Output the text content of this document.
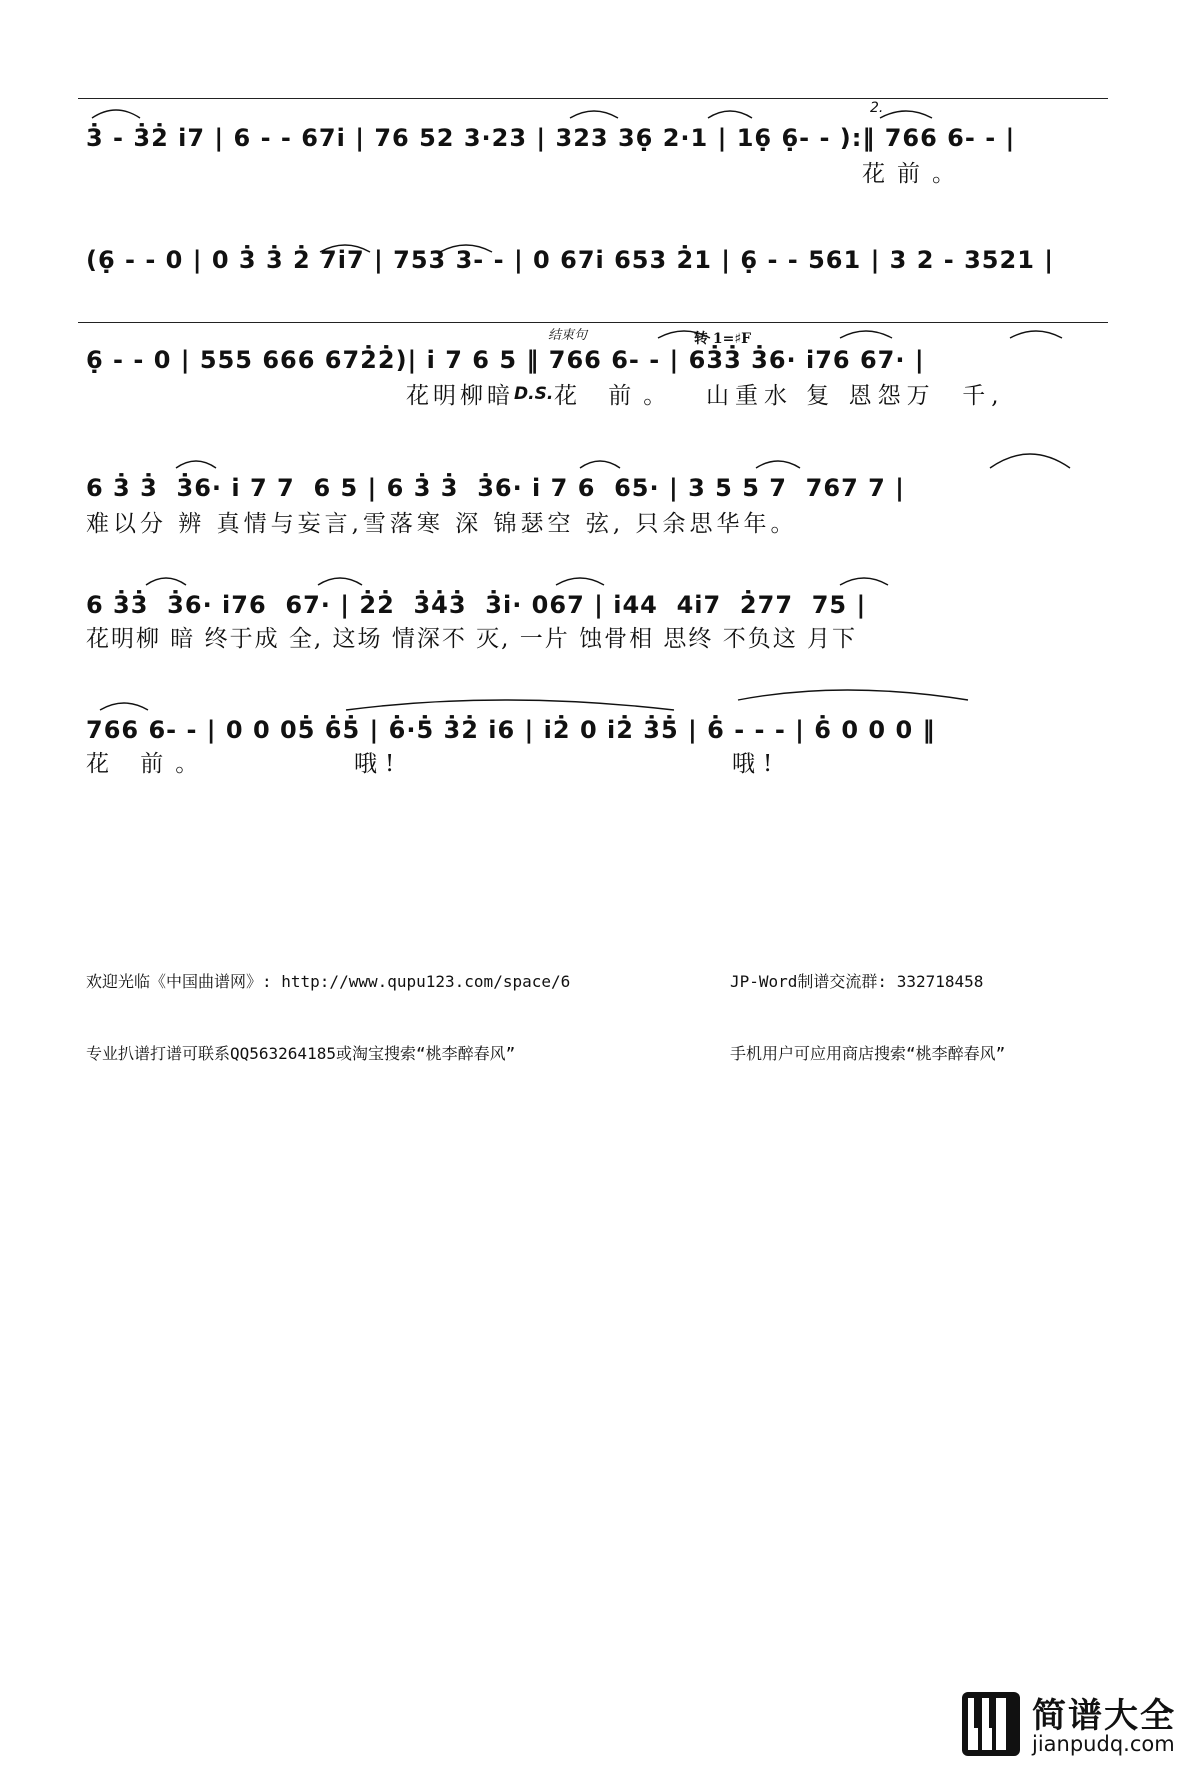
3̇ - 3̇2̇ i̇7 | 6 - - 67i̇ | 76 52 3·23 | 323 36̣ 2·1 | 16̣ 6̣- - ):‖ 766 6- - |
2.
花前。
(6̣ - - 0 | 0 3̇ 3̇ 2̇ 7i̇7 | 753 3- - | 0 67i̇ 653 2̇1 | 6̣ - - 561 | 3 2 - 3521 |
结束句	转 1=♯F
6̣ - - 0 | 555 666 672̇2̇)| i̇ 7 6 5 ‖ 766 6- - | 63̇3̇ 3̇6· i̇76 67· |
花明柳暗 D.S. 花 前。 山重水 复 恩怨万  千,
6 3̇ 3̇  3̇6· i̇ 7 7  6 5 | 6 3̇ 3̇  3̇6· i̇ 7 6  65· | 3 5 5 7  767 7 |
难以分 辨 真情与妄言,雪落寒 深 锦瑟空 弦, 只余思华年。
6 3̇3̇  3̇6· i̇76  67· | 2̇2̇  3̇4̇3̇  3̇i̇· 067 | i̇44  4i̇7  2̇77  75 |
花明柳 暗 终于成 全, 这场 情深不 灭, 一片 蚀骨相 思终 不负这 月下
766 6- - | 0 0 05̇ 6̇5̇ | 6̇·5̇ 3̇2̇ i̇6 | i̇2̇ 0 i̇2̇ 3̇5̇ | 6̇ - - - | 6̇ 0 0 0 ‖
花 前。	哦!	哦!

欢迎光临《中国曲谱网》: http://www.qupu123.com/space/6

专业扒谱打谱可联系QQ563264185或淘宝搜索“桃李醉春风”

JP-Word制谱交流群: 332718458

手机用户可应用商店搜索“桃李醉春风”

简谱大全
jianpudq.com
